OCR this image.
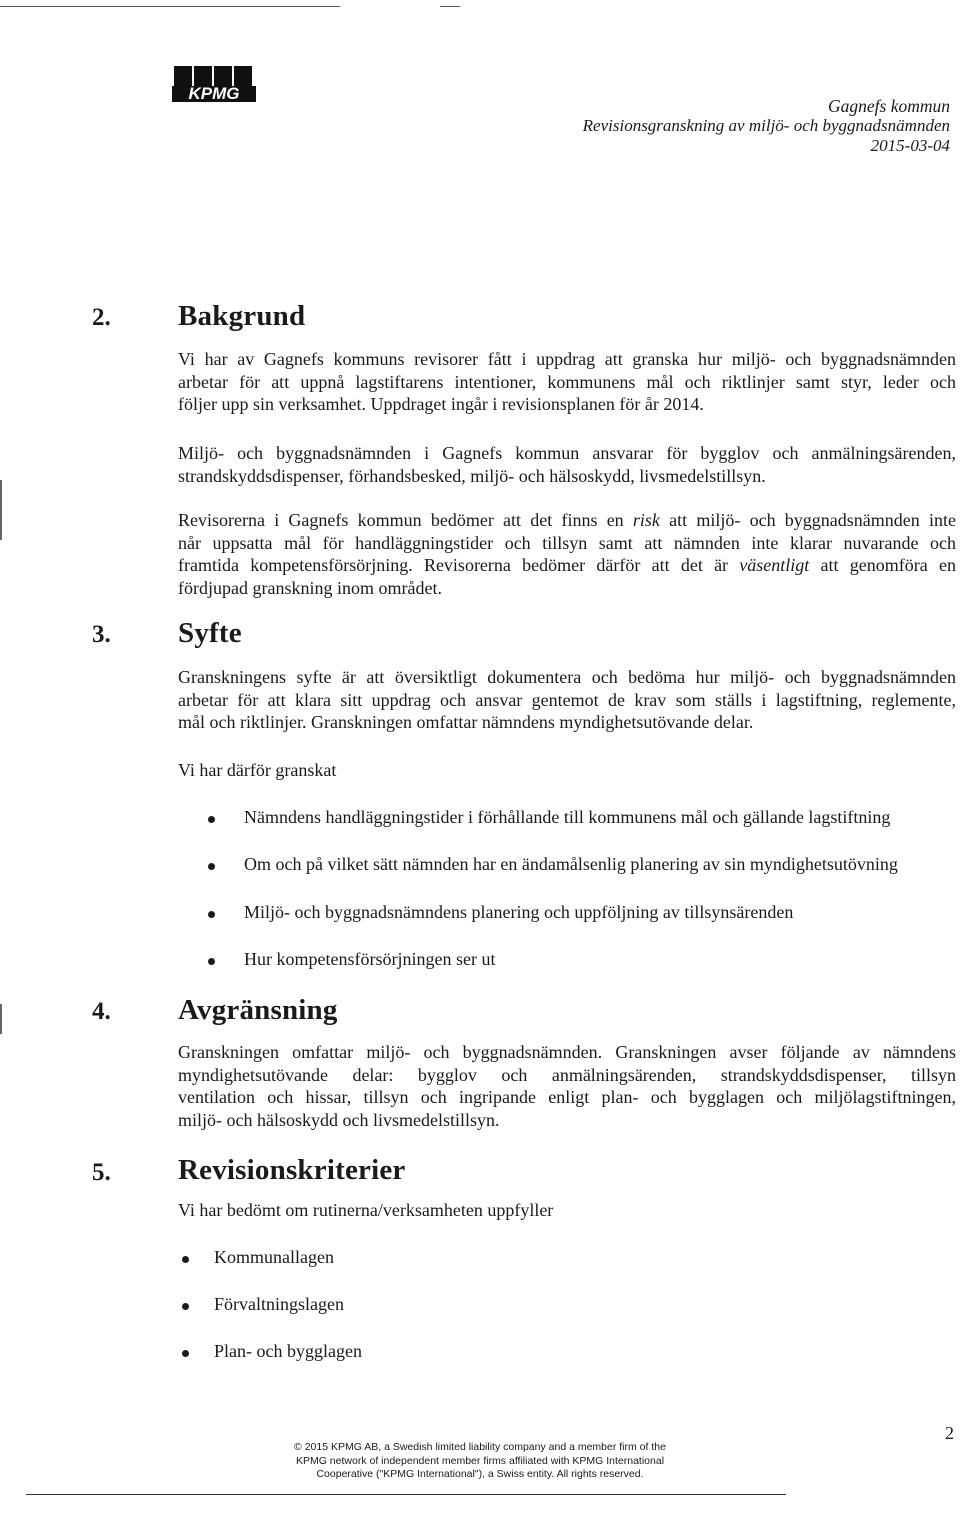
KPMG
Gagnefs kommun
Revisionsgranskning av miljö- och byggnadsnämnden
2015-03-04
2. Bakgrund
Vi har av Gagnefs kommuns revisorer fått i uppdrag att granska hur miljö- och byggnadsnämnden
arbetar för att uppnå lagstiftarens intentioner, kommunens mål och riktlinjer samt styr, leder och
följer upp sin verksamhet. Uppdraget ingår i revisionsplanen för år 2014.
Miljö- och byggnadsnämnden i Gagnefs kommun ansvarar för bygglov och anmälningsärenden,
strandskyddsdispenser, förhandsbesked, miljö- och hälsoskydd, livsmedelstillsyn.
Revisorerna i Gagnefs kommun bedömer att det finns en risk att miljö- och byggnadsnämnden inte
når uppsatta mål för handläggningstider och tillsyn samt att nämnden inte klarar nuvarande och
framtida kompetensförsörjning. Revisorerna bedömer därför att det är väsentligt att genomföra en
fördjupad granskning inom området.
3. Syfte
Granskningens syfte är att översiktligt dokumentera och bedöma hur miljö- och byggnadsnämnden
arbetar för att klara sitt uppdrag och ansvar gentemot de krav som ställs i lagstiftning, reglemente,
mål och riktlinjer. Granskningen omfattar nämndens myndighetsutövande delar.
Vi har därför granskat
Nämndens handläggningstider i förhållande till kommunens mål och gällande lagstiftning
Om och på vilket sätt nämnden har en ändamålsenlig planering av sin myndighetsutövning
Miljö- och byggnadsnämndens planering och uppföljning av tillsynsärenden
Hur kompetensförsörjningen ser ut
4. Avgränsning
Granskningen omfattar miljö- och byggnadsnämnden. Granskningen avser följande av nämndens
myndighetsutövande delar: bygglov och anmälningsärenden, strandskyddsdispenser, tillsyn
ventilation och hissar, tillsyn och ingripande enligt plan- och bygglagen och miljölagstiftningen,
miljö- och hälsoskydd och livsmedelstillsyn.
5. Revisionskriterier
Vi har bedömt om rutinerna/verksamheten uppfyller
Kommunallagen
Förvaltningslagen
Plan- och bygglagen
2
© 2015 KPMG AB, a Swedish limited liability company and a member firm of the
KPMG network of independent member firms affiliated with KPMG International
Cooperative ("KPMG International"), a Swiss entity. All rights reserved.
